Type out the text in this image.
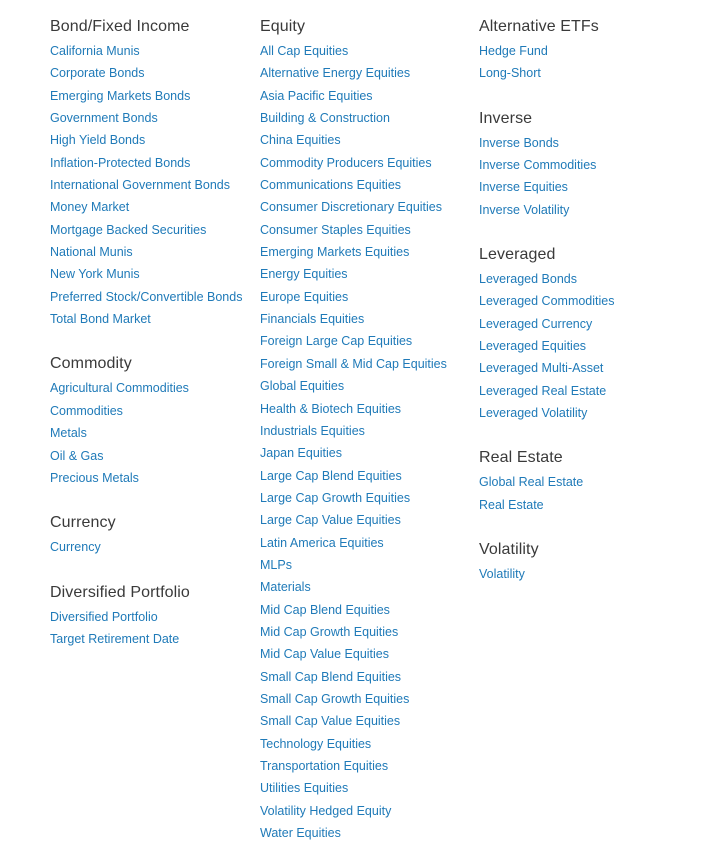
Bond/Fixed Income
California Munis
Corporate Bonds
Emerging Markets Bonds
Government Bonds
High Yield Bonds
Inflation-Protected Bonds
International Government Bonds
Money Market
Mortgage Backed Securities
National Munis
New York Munis
Preferred Stock/Convertible Bonds
Total Bond Market
Commodity
Agricultural Commodities
Commodities
Metals
Oil & Gas
Precious Metals
Currency
Currency
Diversified Portfolio
Diversified Portfolio
Target Retirement Date
Equity
All Cap Equities
Alternative Energy Equities
Asia Pacific Equities
Building & Construction
China Equities
Commodity Producers Equities
Communications Equities
Consumer Discretionary Equities
Consumer Staples Equities
Emerging Markets Equities
Energy Equities
Europe Equities
Financials Equities
Foreign Large Cap Equities
Foreign Small & Mid Cap Equities
Global Equities
Health & Biotech Equities
Industrials Equities
Japan Equities
Large Cap Blend Equities
Large Cap Growth Equities
Large Cap Value Equities
Latin America Equities
MLPs
Materials
Mid Cap Blend Equities
Mid Cap Growth Equities
Mid Cap Value Equities
Small Cap Blend Equities
Small Cap Growth Equities
Small Cap Value Equities
Technology Equities
Transportation Equities
Utilities Equities
Volatility Hedged Equity
Water Equities
Alternative ETFs
Hedge Fund
Long-Short
Inverse
Inverse Bonds
Inverse Commodities
Inverse Equities
Inverse Volatility
Leveraged
Leveraged Bonds
Leveraged Commodities
Leveraged Currency
Leveraged Equities
Leveraged Multi-Asset
Leveraged Real Estate
Leveraged Volatility
Real Estate
Global Real Estate
Real Estate
Volatility
Volatility
